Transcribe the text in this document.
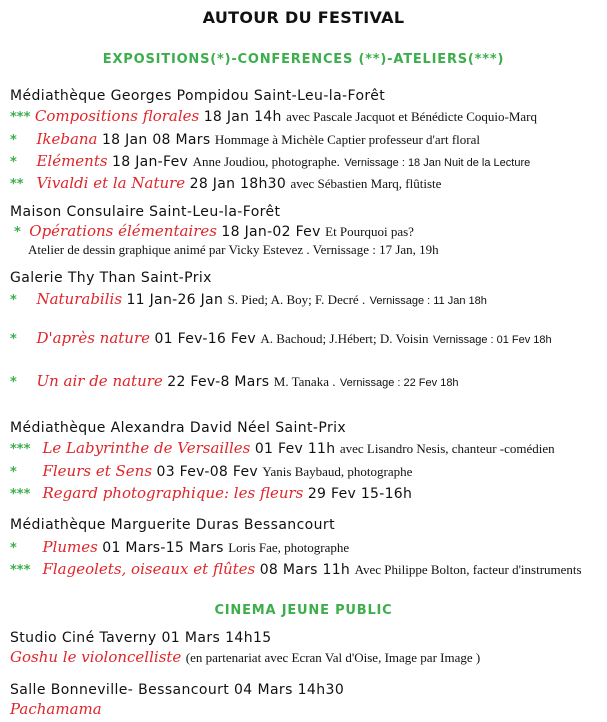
AUTOUR DU FESTIVAL
EXPOSITIONS(*)-CONFERENCES (**)-ATELIERS(***)
Médiathèque Georges Pompidou Saint-Leu-la-Forêt
*** Compositions florales 18 Jan 14h avec Pascale Jacquot et Bénédicte Coquio-Marq
* Ikebana 18 Jan 08 Mars Hommage à Michèle Captier professeur d'art floral
* Eléments 18 Jan-Fev Anne Joudiou, photographe. Vernissage : 18 Jan Nuit de la Lecture
** Vivaldi et la Nature 28 Jan 18h30 avec Sébastien Marq, flûtiste
Maison Consulaire Saint-Leu-la-Forêt
* Opérations élémentaires 18 Jan-02 Fev Et Pourquoi pas?
Atelier de dessin graphique animé par Vicky Estevez . Vernissage : 17 Jan, 19h
Galerie Thy Than Saint-Prix
* Naturabilis 11 Jan-26 Jan S. Pied; A. Boy; F. Decré . Vernissage : 11 Jan 18h
* D'après nature 01 Fev-16 Fev A. Bachoud; J.Hébert; D. Voisin Vernissage : 01 Fev 18h
* Un air de nature 22 Fev-8 Mars M. Tanaka . Vernissage : 22 Fev 18h
Médiathèque Alexandra David Néel Saint-Prix
*** Le Labyrinthe de Versailles 01 Fev 11h avec Lisandro Nesis, chanteur -comédien
* Fleurs et Sens 03 Fev-08 Fev Yanis Baybaud, photographe
*** Regard photographique: les fleurs 29 Fev 15-16h
Médiathèque Marguerite Duras Bessancourt
* Plumes 01 Mars-15 Mars Loris Fae, photographe
*** Flageolets, oiseaux et flûtes 08 Mars 11h Avec Philippe Bolton, facteur d'instruments
CINEMA JEUNE PUBLIC
Studio Ciné Taverny 01 Mars 14h15
Goshu le violoncelliste (en partenariat avec Ecran Val d'Oise, Image par Image )
Salle Bonneville- Bessancourt 04 Mars 14h30
Pachamama
